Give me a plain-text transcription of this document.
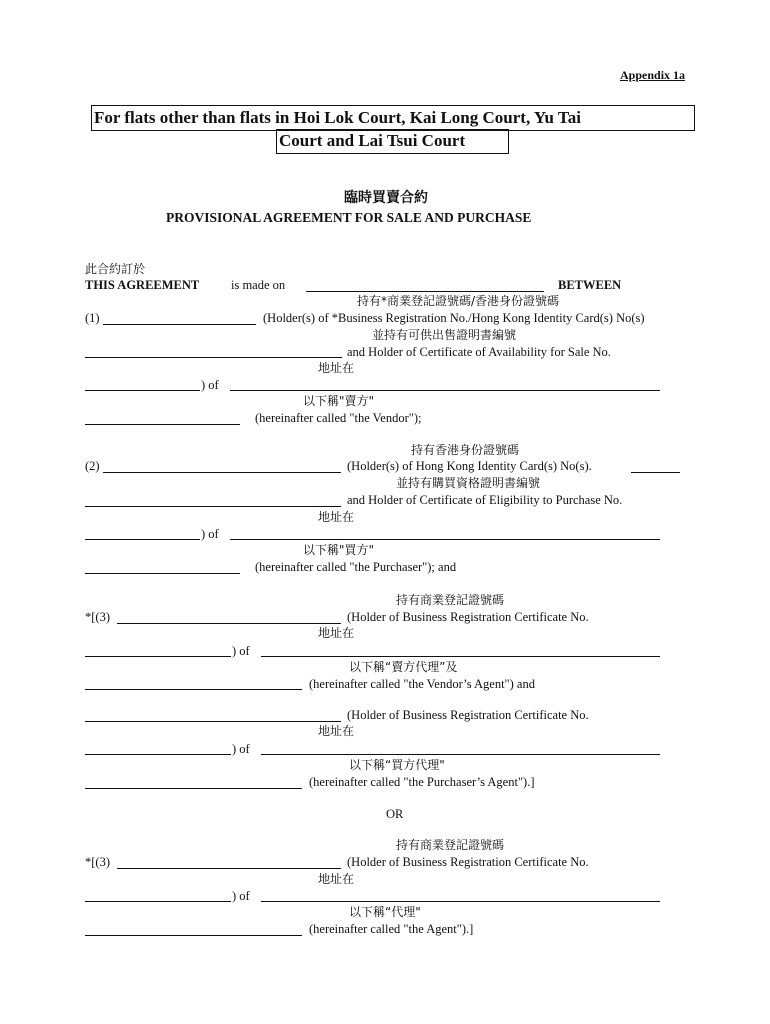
Appendix 1a
For flats other than flats in Hoi Lok Court, Kai Long Court, Yu Tai
Court and Lai Tsui Court
臨時買賣合約
PROVISIONAL AGREEMENT FOR SALE AND PURCHASE
此合約訂於
THIS AGREEMENT	is made on	BETWEEN
持有*商業登記證號碼/香港身份證號碼
(1)	(Holder(s) of *Business Registration No./Hong Kong Identity Card(s) No(s)
並持有可供出售證明書編號
and Holder of Certificate of Availability for Sale No.
地址在
) of
以下稱"賣方"
(hereinafter called "the Vendor");
持有香港身份證號碼
(2)	(Holder(s) of Hong Kong Identity Card(s) No(s).
並持有購買資格證明書編號
and Holder of Certificate of Eligibility to Purchase No.
地址在
) of
以下稱"買方"
(hereinafter called "the Purchaser"); and
持有商業登記證號碼
*[(3)	(Holder of Business Registration Certificate No.
地址在
) of
以下稱“賣方代理”及
(hereinafter called "the Vendor’s Agent") and
(Holder of Business Registration Certificate No.
地址在
) of
以下稱“買方代理"
(hereinafter called "the Purchaser’s Agent").]
OR
持有商業登記證號碼
*[(3)	(Holder of Business Registration Certificate No.
地址在
) of
以下稱“代理"
(hereinafter called "the Agent").]
